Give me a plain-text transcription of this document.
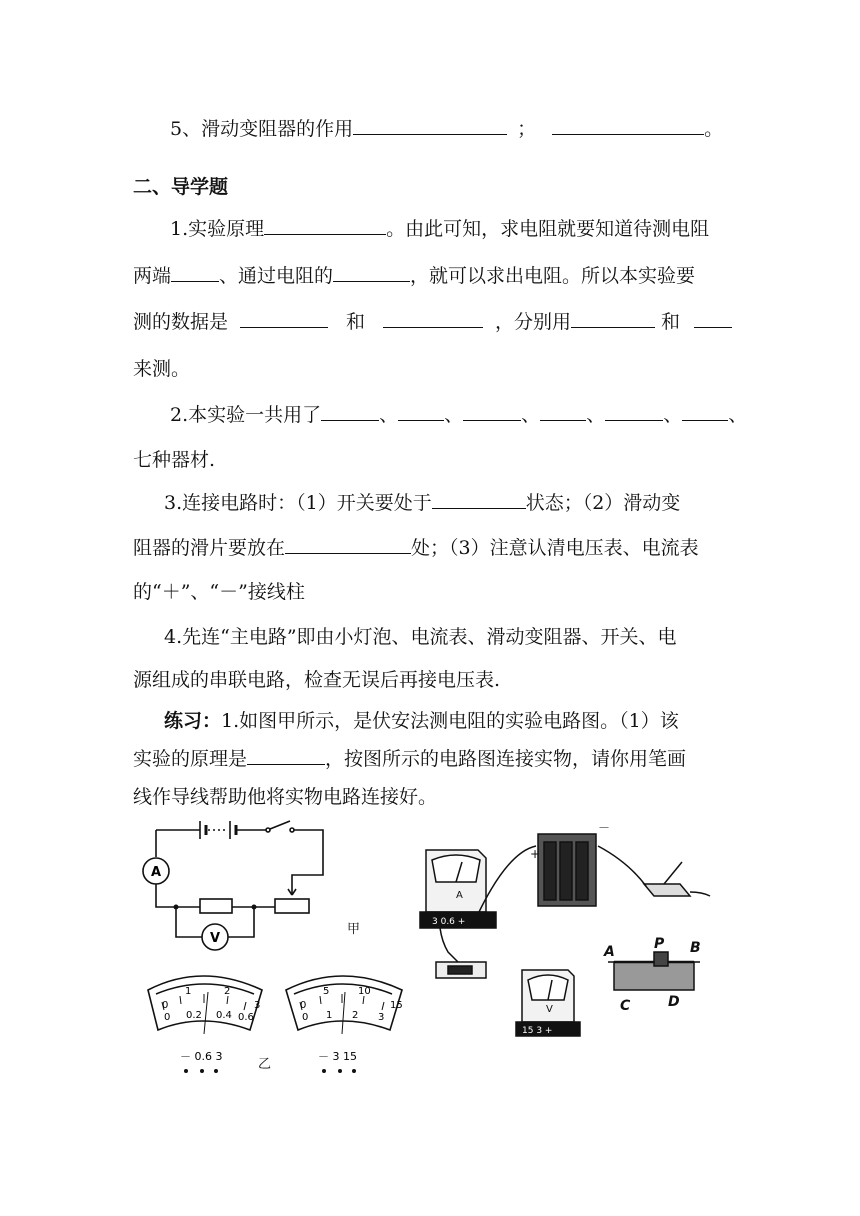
5、滑动变阻器的作用	；	。
二、导学题
1.实验原理	。由此可知，求电阻就要知道待测电阻
两端	、通过电阻的	，就可以求出电阻。所以本实验要
测的数据是	和	，分别用	和
来测。
2.本实验一共用了	、 、	、 、	、 、
七种器材.
3.连接电路时：（1）开关要处于	状态；（2）滑动变
阻器的滑片要放在	处；（3）注意认清电压表、电流表
的“＋”、“－”接线柱
4.先连“主电路”即由小灯泡、电流表、滑动变阻器、开关、电
源组成的串联电路，检查无误后再接电压表.
练习：1.如图甲所示，是伏安法测电阻的实验电路图。（1）该
实验的原理是	，按图所示的电路图连接实物，请你用笔画
线作导线帮助他将实物电路连接好。
A
V
甲
0
1	2
3
0 0.2 0.4 0.6
0
5	10
15
0 1 2 3
－ 0.6 3	－ 3 15
乙
A
3 0.6 +
V
15 3 +
+
－
A	P B
C	D
